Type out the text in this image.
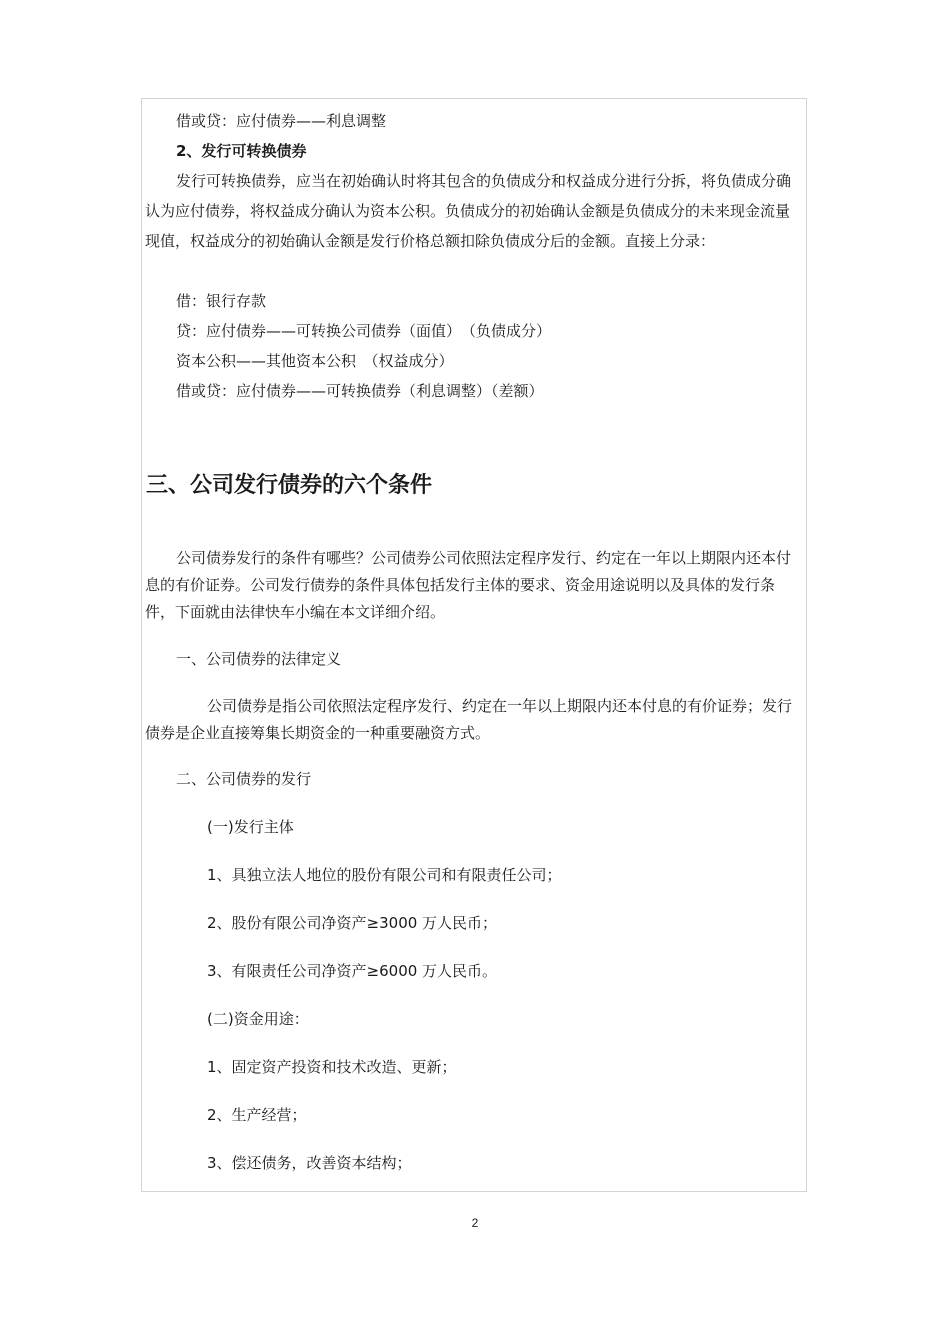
借或贷：应付债券——利息调整
2、发行可转换债券
发行可转换债券，应当在初始确认时将其包含的负债成分和权益成分进行分拆，将负债成分确认为应付债券，将权益成分确认为资本公积。负债成分的初始确认金额是负债成分的未来现金流量现值，权益成分的初始确认金额是发行价格总额扣除负债成分后的金额。直接上分录：
借：银行存款
贷：应付债券——可转换公司债券（面值）　（负债成分）
资本公积——其他资本公积　（权益成分）
借或贷：应付债券——可转换债券（利息调整）（差额）
三、公司发行债券的六个条件
公司债券发行的条件有哪些？公司债券公司依照法定程序发行、约定在一年以上期限内还本付息的有价证券。公司发行债券的条件具体包括发行主体的要求、资金用途说明以及具体的发行条件，下面就由法律快车小编在本文详细介绍。
一、公司债券的法律定义
公司债券是指公司依照法定程序发行、约定在一年以上期限内还本付息的有价证券；发行债券是企业直接筹集长期资金的一种重要融资方式。
二、公司债券的发行
(一)发行主体
1、具独立法人地位的股份有限公司和有限责任公司；
2、股份有限公司净资产≥3000 万人民币；
3、有限责任公司净资产≥6000 万人民币。
(二)资金用途：
1、固定资产投资和技术改造、更新；
2、生产经营；
3、偿还债务，改善资本结构；
2
